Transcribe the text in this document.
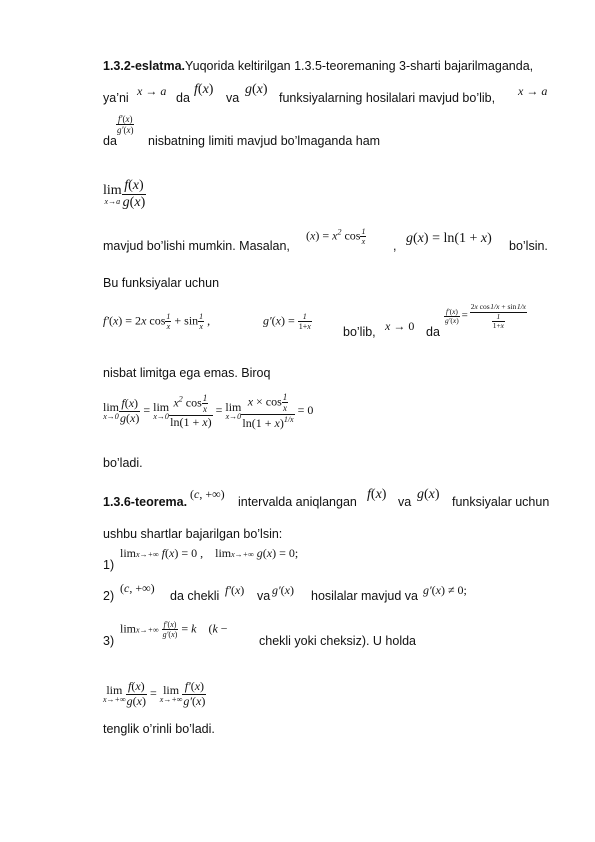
1.3.2-eslatma.Yuqorida keltirilgan 1.3.5-teoremaning 3-sharti bajarilmaganda,
ya’ni x → a da
f(x)
va
g(x)
funksiyalarning hosilalari mavjud bo’lib, x → a
$\frac{f'(x)}{g'(x)}$
da nisbatning limiti mavjud bo’lmaganda ham
lim
$x\to a \frac{f(x)}{g(x)}$
mavjud bo’lishi mumkin. Masalan,
$(x) = x^2$ $\cos \frac{1}{x}$ , g(x) = ln(1 + x) bo’lsin.
Bu funksiyalar uchun
f′(x) = 2x $\cos \frac{1}{x} + \sin \frac{1}{x}$ ,	$g'(x) = \frac{1}{1+x}$
bo’lib, x → 0 da
$\frac{f'(x)}{g'(x)} = \frac{\text{2x cos 1/x + sin 1/x}}{\frac{1}{1+x}}$
nisbat limitga ega emas. Biroq
lim
$x\to 0 \frac{f(x)}{g(x)} = \lim$
$x\to 0 \frac{x^2 \cos \frac{1}{x}}{\ln(1 + x)} = \lim$
$x\to 0 \frac{x \times \cos \frac{1}{x}}{\ln(1 + x)^{1/x}} = 0$
bo’ladi.
1.3.6-teorema.
(c, +∞)
intervalda aniqlangan f(x) va g(x) funksiyalar uchun
ushbu shartlar bajarilgan bo’lsin:
1)
limx→+∞ f(x) = 0 ,  limx→+∞ g(x) = 0;
2)
(c, +∞)
da chekli f′(x) va g′(x) hosilalar mavjud va g′(x) ≠ 0;
3)
$\lim x\to+\infty \frac{f'(x)}{g'(x)} = k$ (k −
chekli yoki cheksiz). U holda
lim
$x\to+\infty \frac{f(x)}{g(x)} = \lim$
$x\to+\infty \frac{f'(x)}{g'(x)}$
tenglik o’rinli bo’ladi.
